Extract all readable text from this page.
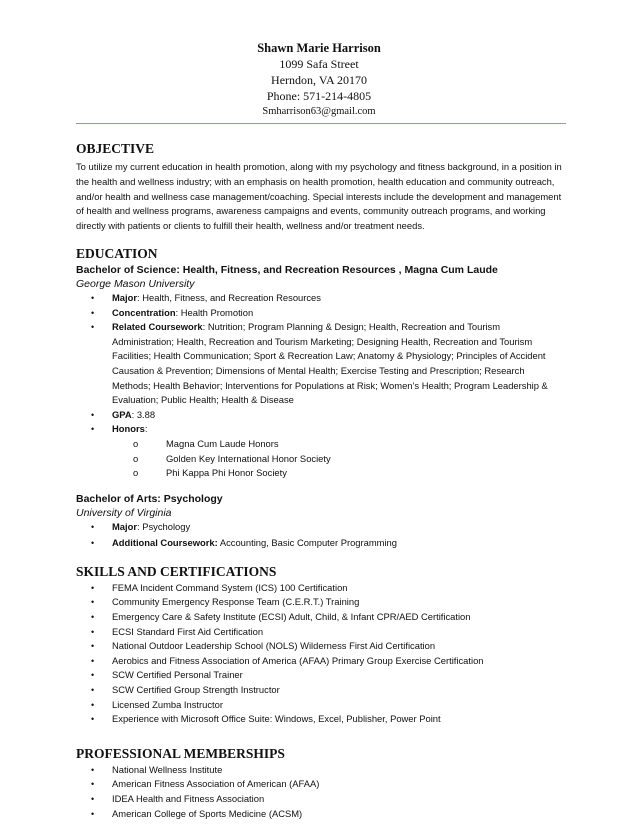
Shawn Marie Harrison
1099 Safa Street
Herndon, VA 20170
Phone: 571-214-4805
Smharrison63@gmail.com
OBJECTIVE

To utilize my current education in health promotion, along with my psychology and fitness background, in a position in the health and wellness industry; with an emphasis on health promotion, health education and community outreach, and/or health and wellness case management/coaching. Special interests include the development and management of health and wellness programs, awareness campaigns and events, community outreach programs, and working directly with patients or clients to fulfill their health, wellness and/or treatment needs.

EDUCATION
Bachelor of Science: Health, Fitness, and Recreation Resources , Magna Cum Laude
George Mason University
• Major: Health, Fitness, and Recreation Resources
• Concentration: Health Promotion
• Related Coursework: Nutrition; Program Planning & Design; Health, Recreation and Tourism Administration; Health, Recreation and Tourism Marketing; Designing Health, Recreation and Tourism Facilities; Health Communication; Sport & Recreation Law; Anatomy & Physiology; Principles of Accident Causation & Prevention; Dimensions of Mental Health; Exercise Testing and Prescription; Research Methods; Health Behavior; Interventions for Populations at Risk; Women’s Health; Program Leadership & Evaluation; Public Health; Health & Disease
• GPA: 3.88
• Honors:
o	Magna Cum Laude Honors
o	Golden Key International Honor Society
o	Phi Kappa Phi Honor Society
Bachelor of Arts: Psychology
University of Virginia
• Major: Psychology
• Additional Coursework: Accounting, Basic Computer Programming
SKILLS AND CERTIFICATIONS
• FEMA Incident Command System (ICS) 100 Certification
• Community Emergency Response Team (C.E.R.T.) Training
• Emergency Care & Safety Institute (ECSI) Adult, Child, & Infant CPR/AED Certification
• ECSI Standard First Aid Certification
• National Outdoor Leadership School (NOLS) Wilderness First Aid Certification
• Aerobics and Fitness Association of America (AFAA) Primary Group Exercise Certification
• SCW Certified Personal Trainer
• SCW Certified Group Strength Instructor
• Licensed Zumba Instructor
• Experience with Microsoft Office Suite: Windows, Excel, Publisher, Power Point
PROFESSIONAL MEMBERSHIPS
• National Wellness Institute
• American Fitness Association of American (AFAA)
• IDEA Health and Fitness Association
• American College of Sports Medicine (ACSM)
